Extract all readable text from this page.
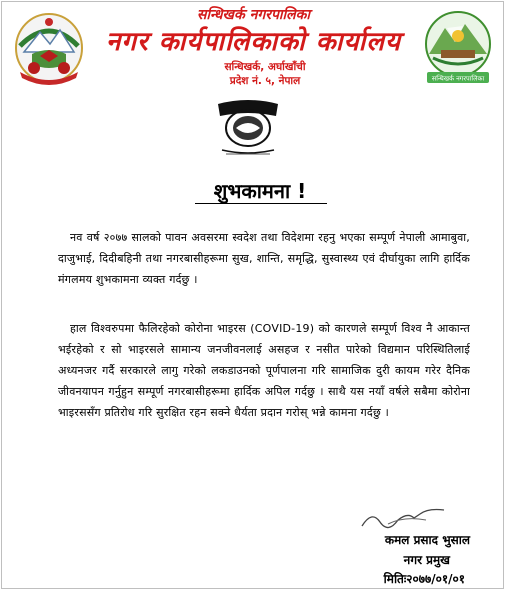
सन्धिखर्क नगरपालिका
नगर कार्यपालिकाको कार्यालय
सन्धिखर्क, अर्घाखाँची
प्रदेश नं. ५, नेपाल	सन्धिखर्क नगरपालिका
शुभकामना !
नव वर्ष २०७७ सालको पावन अवसरमा स्वदेश तथा विदेशमा रहनु भएका सम्पूर्ण नेपाली आमाबुवा, दाजुभाई, दिदीबहिनी तथा नगरबासीहरूमा सुख, शान्ति, समृद्धि, सुस्वास्थ्य एवं दीर्घायुका लागि हार्दिक मंगलमय शुभकामना व्यक्त गर्दछु ।
हाल विश्वरुपमा फैलिरहेको कोरोना भाइरस (COVID-19) को कारणले सम्पूर्ण विश्व नै आकान्त भईरहेको र सो भाइरसले सामान्य जनजीवनलाई असहज र नसीत पारेको विद्यमान परिस्थितिलाई अध्यनजर गर्दै सरकारले लागु गरेको लकडाउनको पूर्णपालना गरि सामाजिक दुरी कायम गरेर दैनिक जीवनयापन गर्नुहुन सम्पूर्ण नगरबासीहरूमा हार्दिक अपिल गर्दछु । साथै यस नयाँ वर्षले सबैमा कोरोना भाइरससँग प्रतिरोध गरि सुरक्षित रहन सक्ने धैर्यता प्रदान गरोस् भन्ने कामना गर्दछु ।
कमल प्रसाद भुसाल
नगर प्रमुख
मितिः२०७७/०१/०१
